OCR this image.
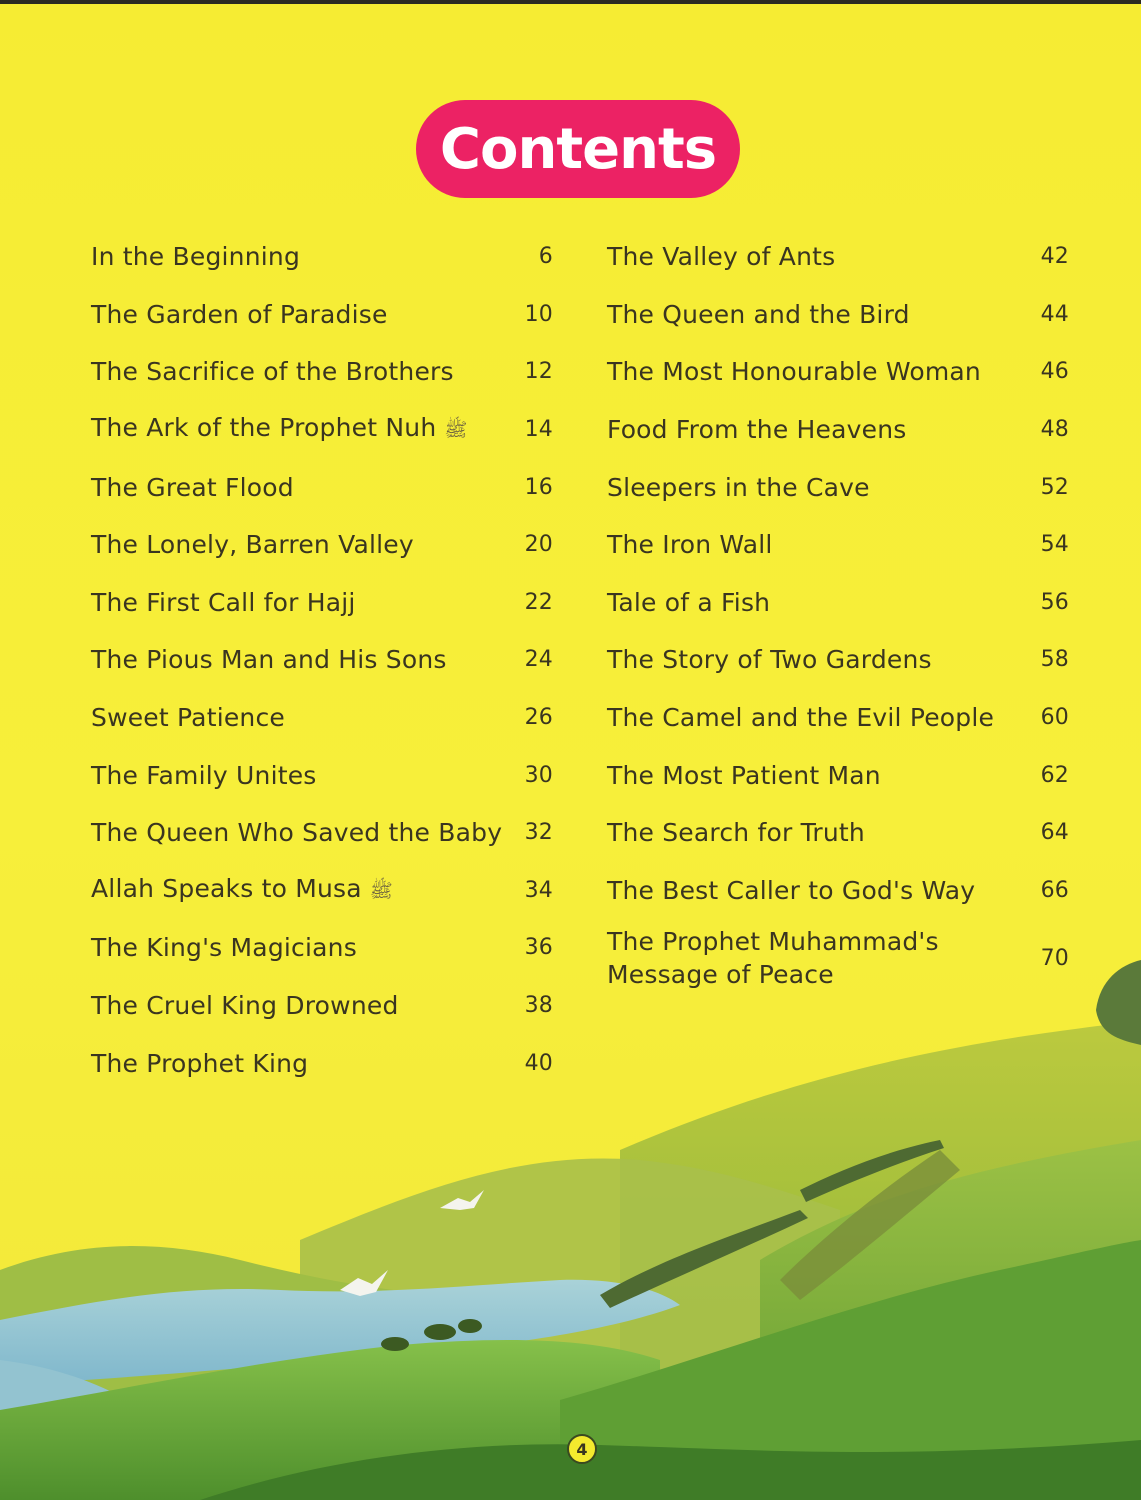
Contents
In the Beginning	6
The Garden of Paradise	10
The Sacrifice of the Brothers	12
The Ark of the Prophet Nuh ﷺ	14
The Great Flood	16
The Lonely, Barren Valley	20
The First Call for Hajj	22
The Pious Man and His Sons	24
Sweet Patience	26
The Family Unites	30
The Queen Who Saved the Baby	32
Allah Speaks to Musa ﷺ	34
The King's Magicians	36
The Cruel King Drowned	38
The Prophet King	40
The Valley of Ants	42
The Queen and the Bird	44
The Most Honourable Woman	46
Food From the Heavens	48
Sleepers in the Cave	52
The Iron Wall	54
Tale of a Fish	56
The Story of Two Gardens	58
The Camel and the Evil People	60
The Most Patient Man	62
The Search for Truth	64
The Best Caller to God's Way	66
The Prophet Muhammad's
Message of Peace
70
4
